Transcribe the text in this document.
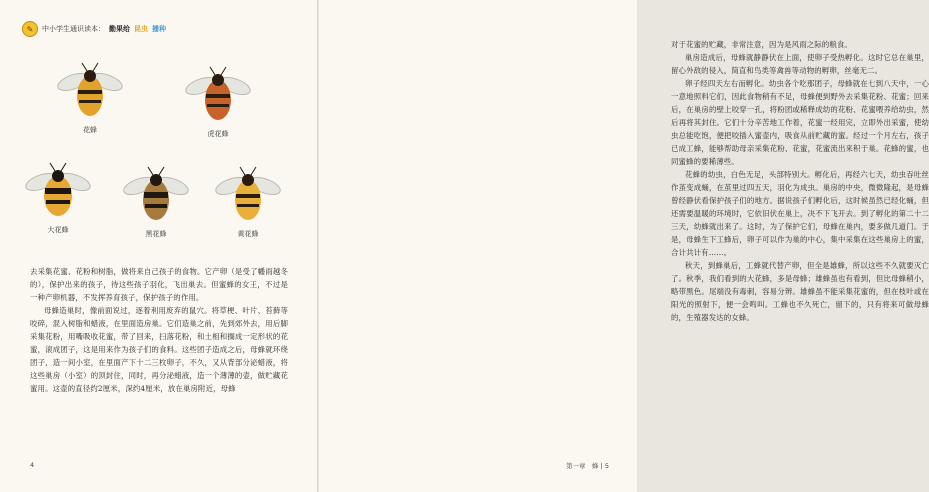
✎	中小学生通识读本： 勤果给 昆虫 播种
花蜂	虎花蜂
大花蜂	黑花蜂	黄花蜂

去采集花蜜、花粉和树脂，做将来自己孩子的食物。它产卵（是受了幡雨越冬的），保护出来的孩子，待这些孩子羽化，飞出巢去。但蜜蜂的女王，不过是一种产卵机器，不发挥养育孩子，保护孩子的作用。

母蜂造巢时，像前面说过，逐着利用废弃的鼠穴。将草梗、叶片、苔藓等咬碎，混入树脂和蜡液，在里面造房巢。它们造巢之前，先到郊外去，用后脚采集花粉，用嘴吸收花蜜，带了回来，扫落花粉，和土相和搁成一定形状的花蜜，滚成团子，这是用来作为孩子们的食料。这些团子造成之后，母蜂就环绕团子，造一间小室，在里面产下十二三枚卵子，不久，又从背部分泌蜡液，将这些巢房（小室）的顶封住，同时，再分泌蜡液，造一个薄薄的壶，做贮藏花蜜用。这壶的直径约2厘米，深约4厘米，放在巢房附近，母蜂

4

对于花蜜的贮藏，非常注意，因为是风雨之际的粮食。

巢房造成后，母蜂就静静伏在上面，使卵子受热孵化。这时它总在巢里，留心外敌的侵入，简直和鸟类等禽兽等动物的孵卵，丝毫无二。

卵子经四天左右而孵化。幼虫各个吃那团子，母蜂就在七到八天中，一心一意地照料它们，因此食物稍有不足，母蜂便到野外去采集花粉、花蜜；回来后，在巢房的壁上咬穿一孔，将粉团或稀释成幼的花粉、花蜜喂养给幼虫，然后再将其封住。它们十分辛苦地工作着，花蜜一经用完，立即外出采蜜，使幼虫总能吃饱，便把咬插入蜜壶内，吸食从前贮藏的蜜。经过一个月左右，孩子已成工蜂，能够帮助母亲采集花粉、花蜜，花蜜流出来积于巢。花蜂的蜜，也同蜜蜂的要稀薄些。

花蜂的幼虫，白色无足，头部特别大。孵化后，再经六七天，幼虫吞吐丝作茧变成蛹，在茧里过四五天，羽化为成虫。巢房的中央，微微隆起，是母蜂曾经静伏看保护孩子们的地方。据说孩子们孵化后，这时候虽然已经化蛹，但还需要温暖的环境时，它依旧伏在巢上，决不下飞开去。到了孵化的第二十二三天，幼蜂就出来了。这时，为了保护它们，母蜂在巢内，要多做几道门。于是，母蜂生下工蜂后，卵子可以作为巢的中心，集中采集在这些巢房上的蜜，合计共计有……。

秋天，到蜂巢后，工蜂就代替产卵，但全是雄蜂，所以这些不久就要灭亡了。秋季，我们看到的大花蜂，多是母蜂；雄蜂虽也有看到，但比母蜂稍小，略带黑色。尾端没有毒刺，容易分辨。雄蜂虽不能采集花蜜的，但在枝叶或在阳光的照射下，便一会鸣叫。工蜂也不久死亡，留下的，只有将来可做母蜂的，生殖器发达的女蜂。

第一章　蜂 | 5
